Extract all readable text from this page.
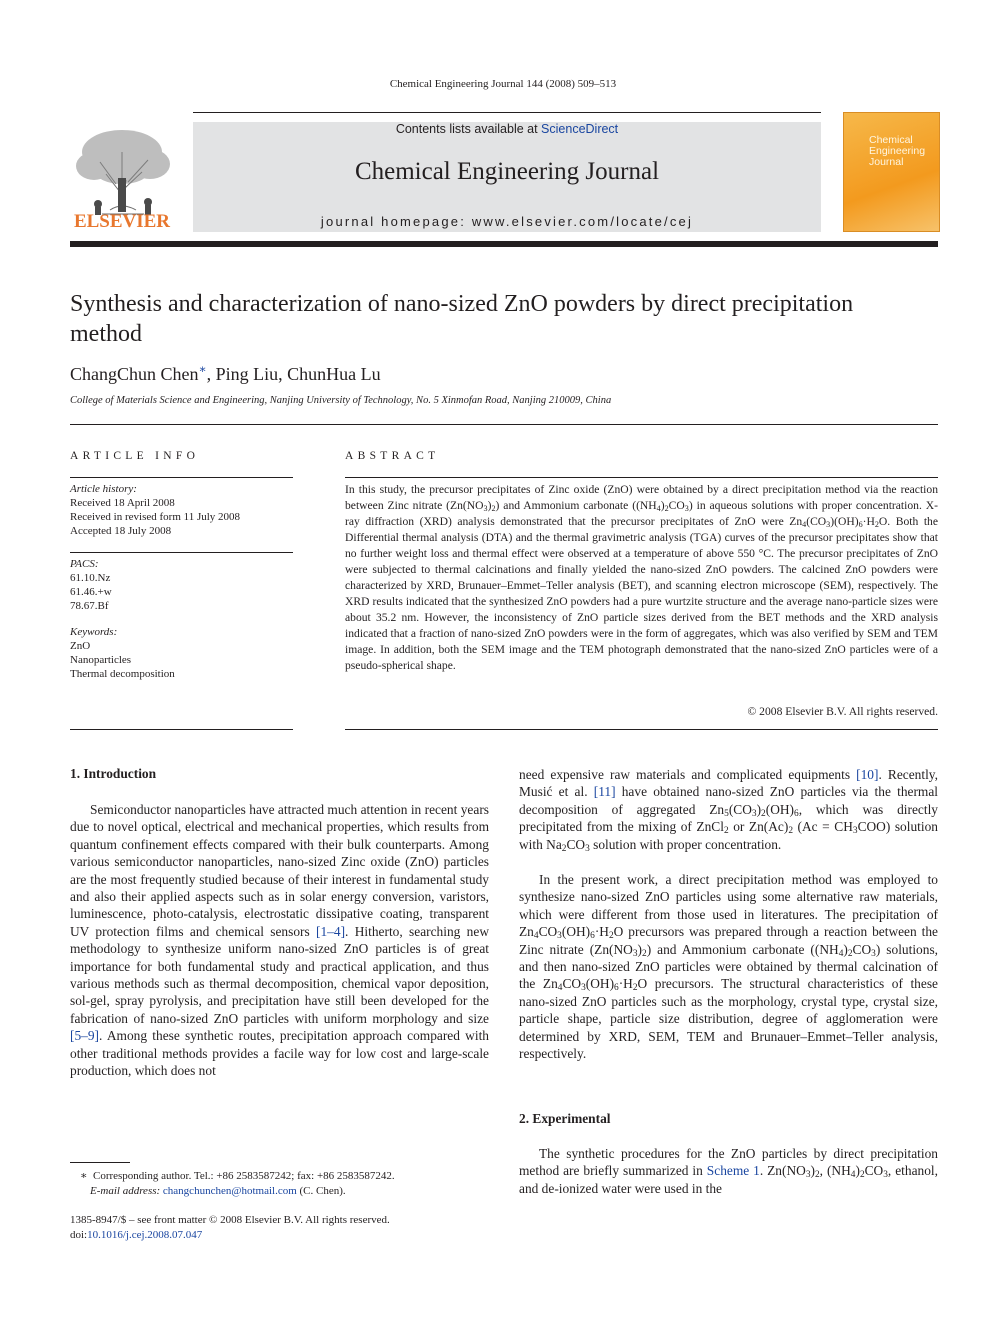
Chemical Engineering Journal 144 (2008) 509–513
Contents lists available at ScienceDirect
Chemical Engineering Journal
journal homepage: www.elsevier.com/locate/cej
ELSEVIER
Chemical Engineering Journal
Synthesis and characterization of nano-sized ZnO powders by direct precipitation method
ChangChun Chen∗, Ping Liu, ChunHua Lu
College of Materials Science and Engineering, Nanjing University of Technology, No. 5 Xinmofan Road, Nanjing 210009, China
ARTICLE INFO
Article history:
Received 18 April 2008
Received in revised form 11 July 2008
Accepted 18 July 2008
PACS:
61.10.Nz
61.46.+w
78.67.Bf
Keywords:
ZnO
Nanoparticles
Thermal decomposition
ABSTRACT
In this study, the precursor precipitates of Zinc oxide (ZnO) were obtained by a direct precipitation method via the reaction between Zinc nitrate $(Zn(NO_3)_2)$ and Ammonium carbonate $((NH_4)_2CO_3)$ in aqueous solutions with proper concentration. X-ray diffraction (XRD) analysis demonstrated that the precursor precipitates of ZnO were $Zn_4(CO_3)(OH)_6\cdot H_2O$. Both the Differential thermal analysis (DTA) and the thermal gravimetric analysis (TGA) curves of the precursor precipitates show that no further weight loss and thermal effect were observed at a temperature of above 550 °C. The precursor precipitates of ZnO were subjected to thermal calcinations and finally yielded the nano-sized ZnO powders. The calcined ZnO powders were characterized by XRD, Brunauer–Emmet–Teller analysis (BET), and scanning electron microscope (SEM), respectively. The XRD results indicated that the synthesized ZnO powders had a pure wurtzite structure and the average nano-particle sizes were about 35.2 nm. However, the inconsistency of ZnO particle sizes derived from the BET methods and the XRD analysis indicated that a fraction of nano-sized ZnO powders were in the form of aggregates, which was also verified by SEM and TEM image. In addition, both the SEM image and the TEM photograph demonstrated that the nano-sized ZnO particles were of a pseudo-spherical shape.
© 2008 Elsevier B.V. All rights reserved.
1. Introduction
Semiconductor nanoparticles have attracted much attention in recent years due to novel optical, electrical and mechanical properties, which results from quantum confinement effects compared with their bulk counterparts. Among various semiconductor nanoparticles, nano-sized Zinc oxide (ZnO) particles are the most frequently studied because of their interest in fundamental study and also their applied aspects such as in solar energy conversion, varistors, luminescence, photo-catalysis, electrostatic dissipative coating, transparent UV protection films and chemical sensors [1–4]. Hitherto, searching new methodology to synthesize uniform nano-sized ZnO particles is of great importance for both fundamental study and practical application, and thus various methods such as thermal decomposition, chemical vapor deposition, sol-gel, spray pyrolysis, and precipitation have still been developed for the fabrication of nano-sized ZnO particles with uniform morphology and size [5–9]. Among these synthetic routes, precipitation approach compared with other traditional methods provides a facile way for low cost and large-scale production, which does not
need expensive raw materials and complicated equipments [10]. Recently, Musić et al. [11] have obtained nano-sized ZnO particles via the thermal decomposition of aggregated $Zn_5(CO_3)_2(OH)_6$, which was directly precipitated from the mixing of ZnCl$_2$ or $Zn(Ac)_2$ $(Ac = CH_3COO)$ solution with $Na_2CO_3$ solution with proper concentration.
In the present work, a direct precipitation method was employed to synthesize nano-sized ZnO particles using some alternative raw materials, which were different from those used in literatures. The precipitation of $Zn_4CO_3(OH)_6\cdot H_2O$ precursors was prepared through a reaction between the Zinc nitrate $(Zn(NO_3)_2)$ and Ammonium carbonate $((NH_4)_2CO_3)$ solutions, and then nano-sized ZnO particles were obtained by thermal calcination of the $Zn_4CO_3(OH)_6\cdot H_2O$ precursors. The structural characteristics of these nano-sized ZnO particles such as the morphology, crystal type, crystal size, particle shape, particle size distribution, degree of agglomeration were determined by XRD, SEM, TEM and Brunauer–Emmet–Teller analysis, respectively.
2. Experimental
The synthetic procedures for the ZnO particles by direct precipitation method are briefly summarized in Scheme 1. $Zn(NO_3)_2$, $(NH_4)_2CO_3$, ethanol, and de-ionized water were used in the
∗ Corresponding author. Tel.: +86 2583587242; fax: +86 2583587242.
E-mail address: changchunchen@hotmail.com (C. Chen).
1385-8947/$ – see front matter © 2008 Elsevier B.V. All rights reserved.
doi:10.1016/j.cej.2008.07.047
